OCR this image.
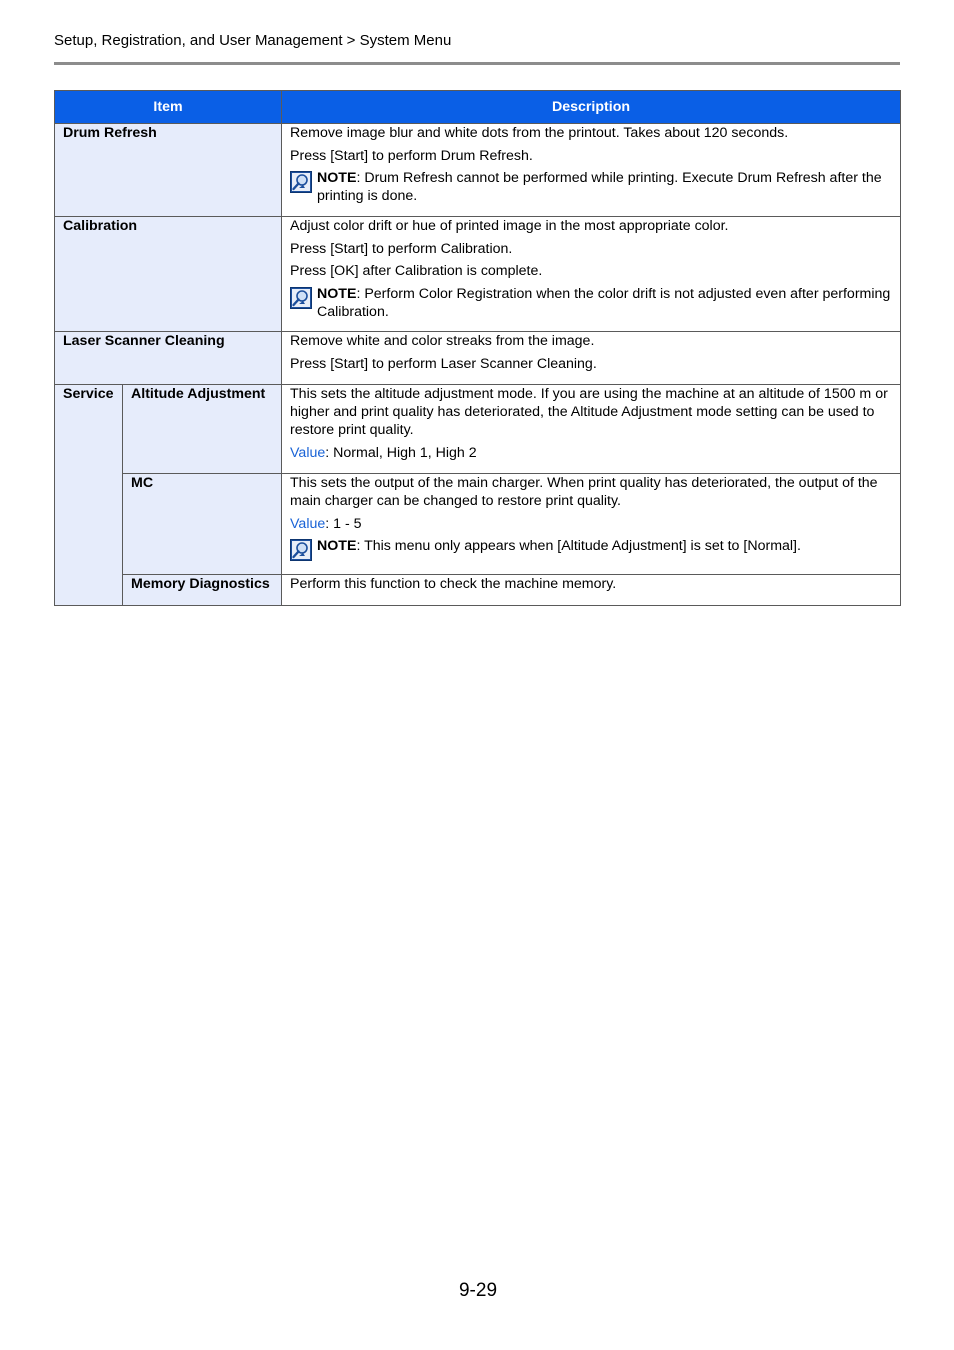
Setup, Registration, and User Management > System Menu
Item		Description
Drum Refresh		Remove image blur and white dots from the printout. Takes about 120 seconds.
Press [Start] to perform Drum Refresh.
NOTE: Drum Refresh cannot be performed while printing. Execute Drum Refresh after the printing is done.

Calibration		Adjust color drift or hue of printed image in the most appropriate color.
Press [Start] to perform Calibration.
Press [OK] after Calibration is complete.
NOTE: Perform Color Registration when the color drift is not adjusted even after performing Calibration.

Laser Scanner Cleaning		Remove white and color streaks from the image.
Press [Start] to perform Laser Scanner Cleaning.

Service	Altitude Adjustment	This sets the altitude adjustment mode. If you are using the machine at an altitude of 1500 m or higher and print quality has deteriorated, the Altitude Adjustment mode setting can be used to restore print quality.
Value: Normal, High 1, High 2

	MC	This sets the output of the main charger. When print quality has deteriorated, the output of the main charger can be changed to restore print quality.
Value: 1 - 5
NOTE: This menu only appears when [Altitude Adjustment] is set to [Normal].

	Memory Diagnostics	Perform this function to check the machine memory.
9-29
